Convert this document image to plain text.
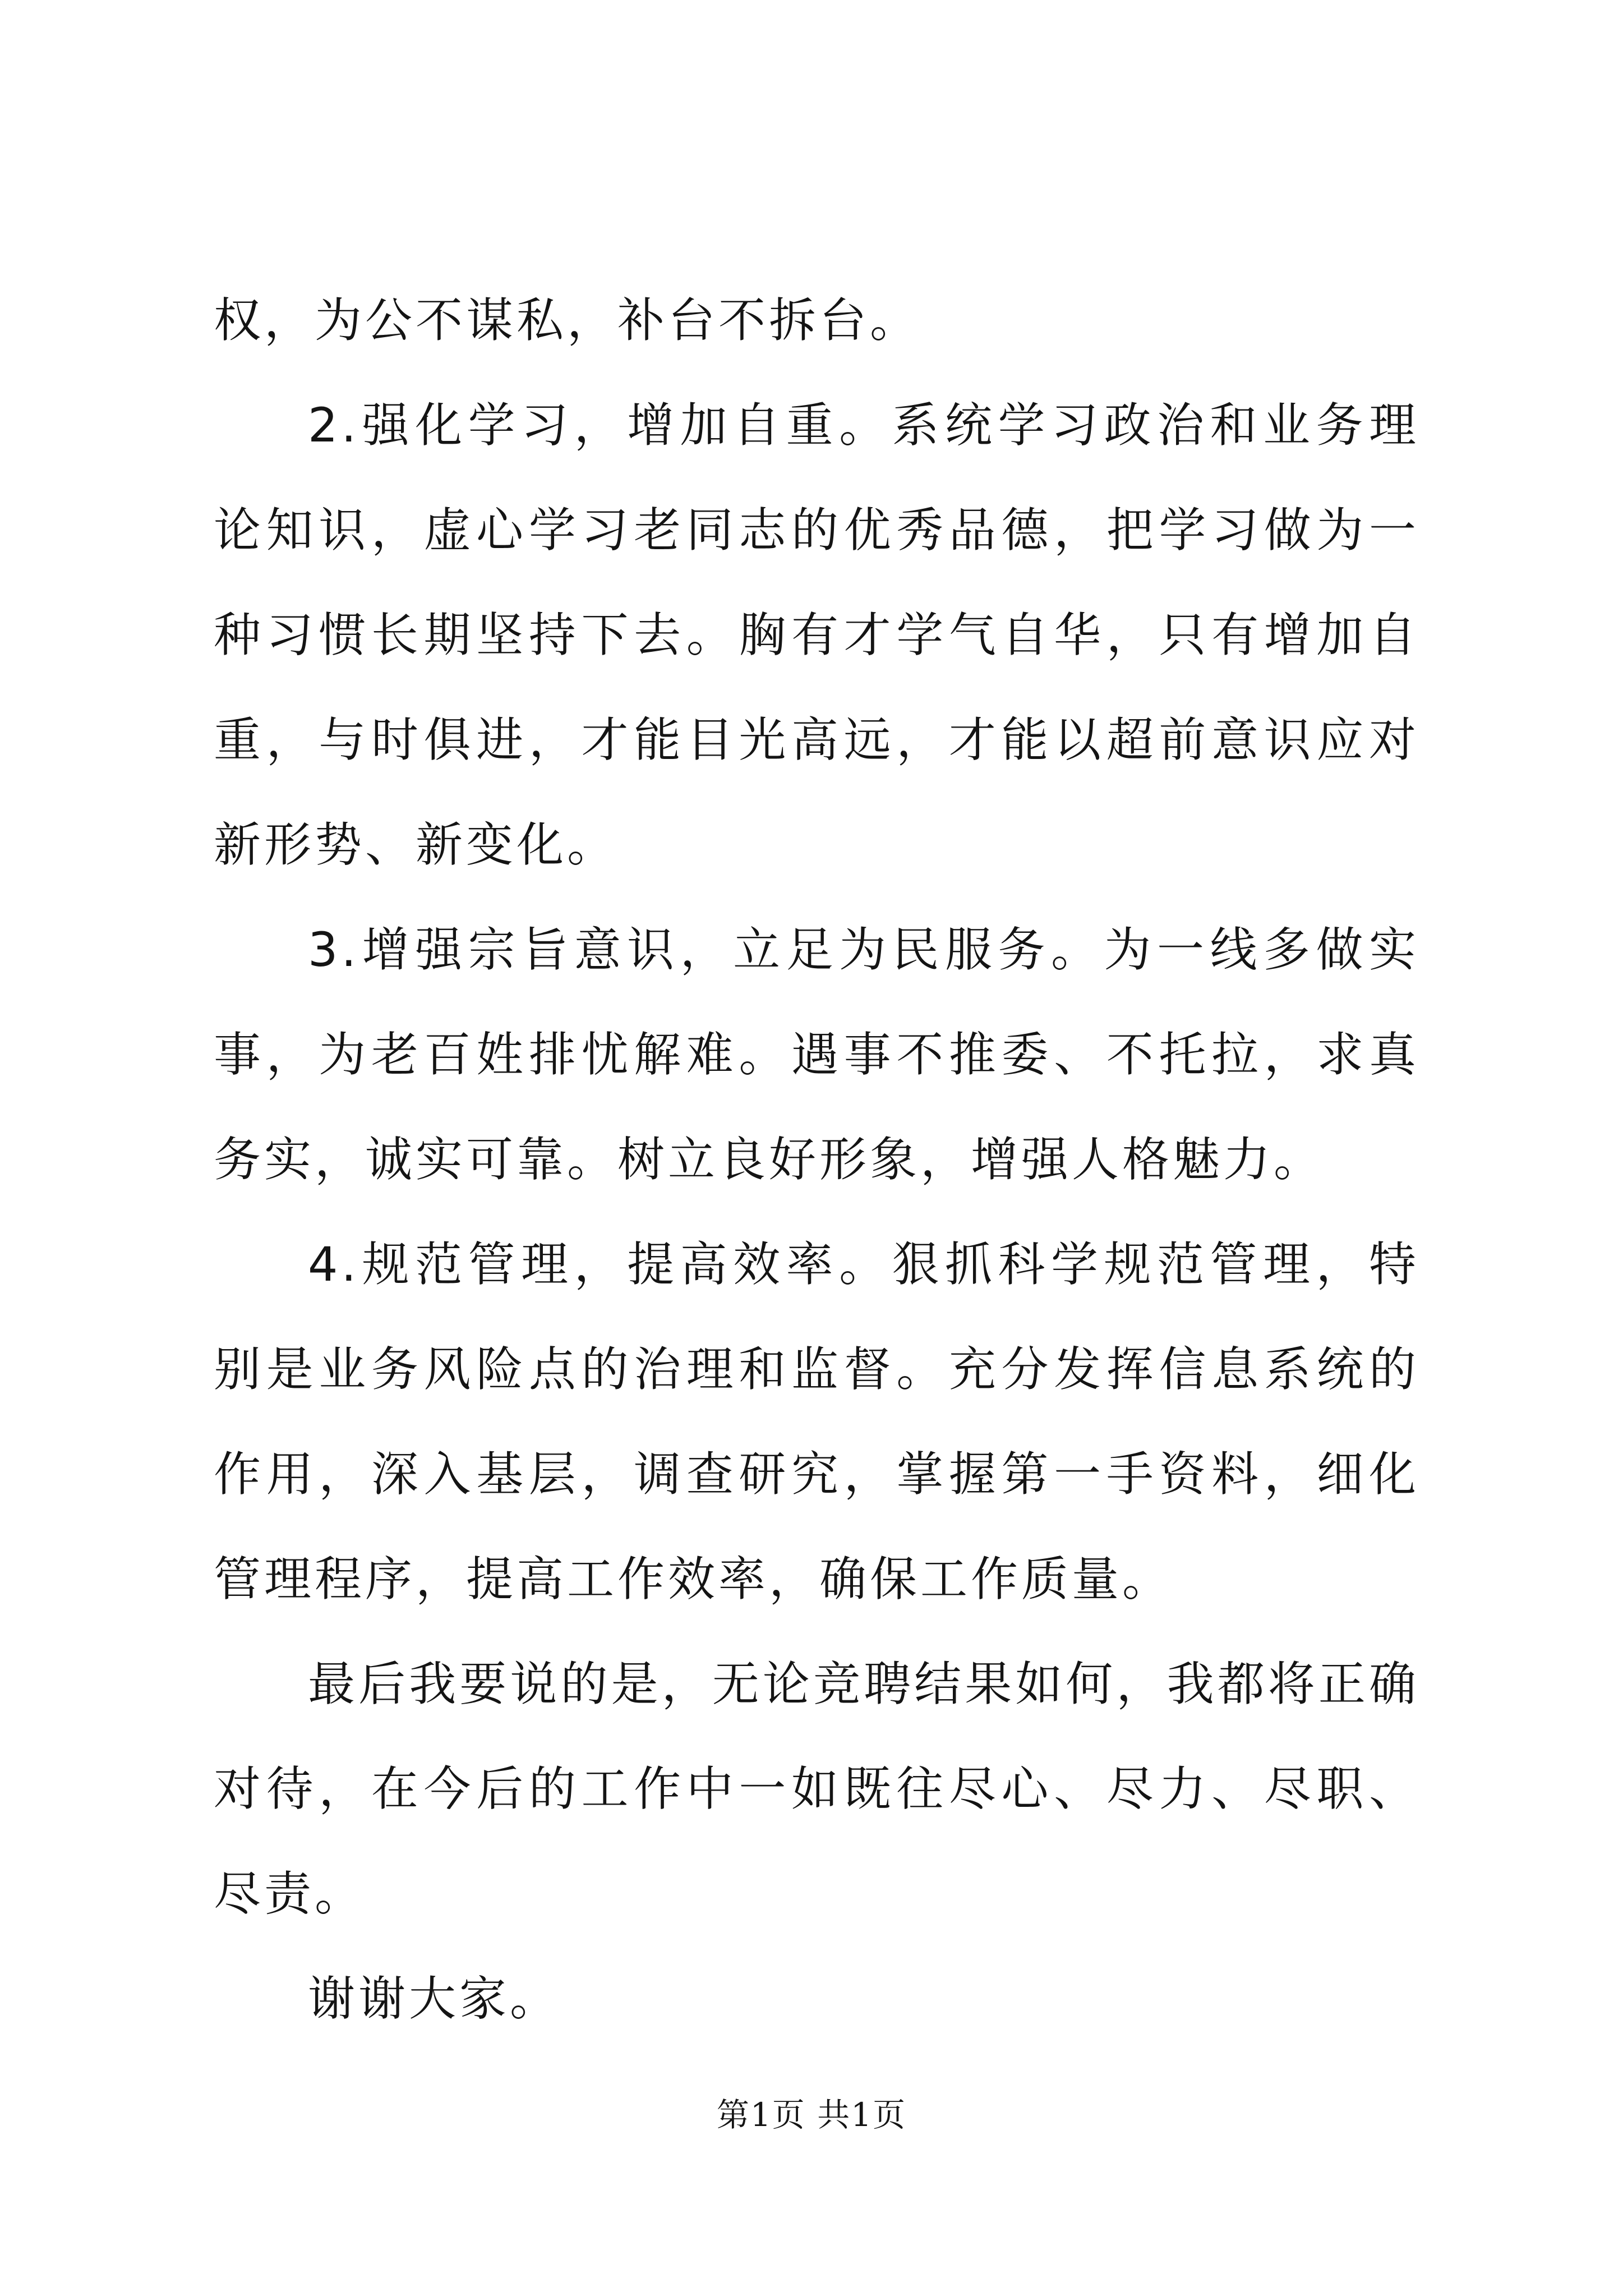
权，为公不谋私，补台不拆台。

2.强化学习，增加自重。系统学习政治和业务理论知识，虚心学习老同志的优秀品德，把学习做为一种习惯长期坚持下去。胸有才学气自华，只有增加自重，与时俱进，才能目光高远，才能以超前意识应对新形势、新变化。

3.增强宗旨意识，立足为民服务。为一线多做实事，为老百姓排忧解难。遇事不推委、不托拉，求真务实，诚实可靠。树立良好形象，增强人格魅力。

4.规范管理，提高效率。狠抓科学规范管理，特别是业务风险点的治理和监督。充分发挥信息系统的作用，深入基层，调查研究，掌握第一手资料，细化管理程序，提高工作效率，确保工作质量。

最后我要说的是，无论竞聘结果如何，我都将正确对待，在今后的工作中一如既往尽心、尽力、尽职、尽责。

谢谢大家。

第1页 共1页
